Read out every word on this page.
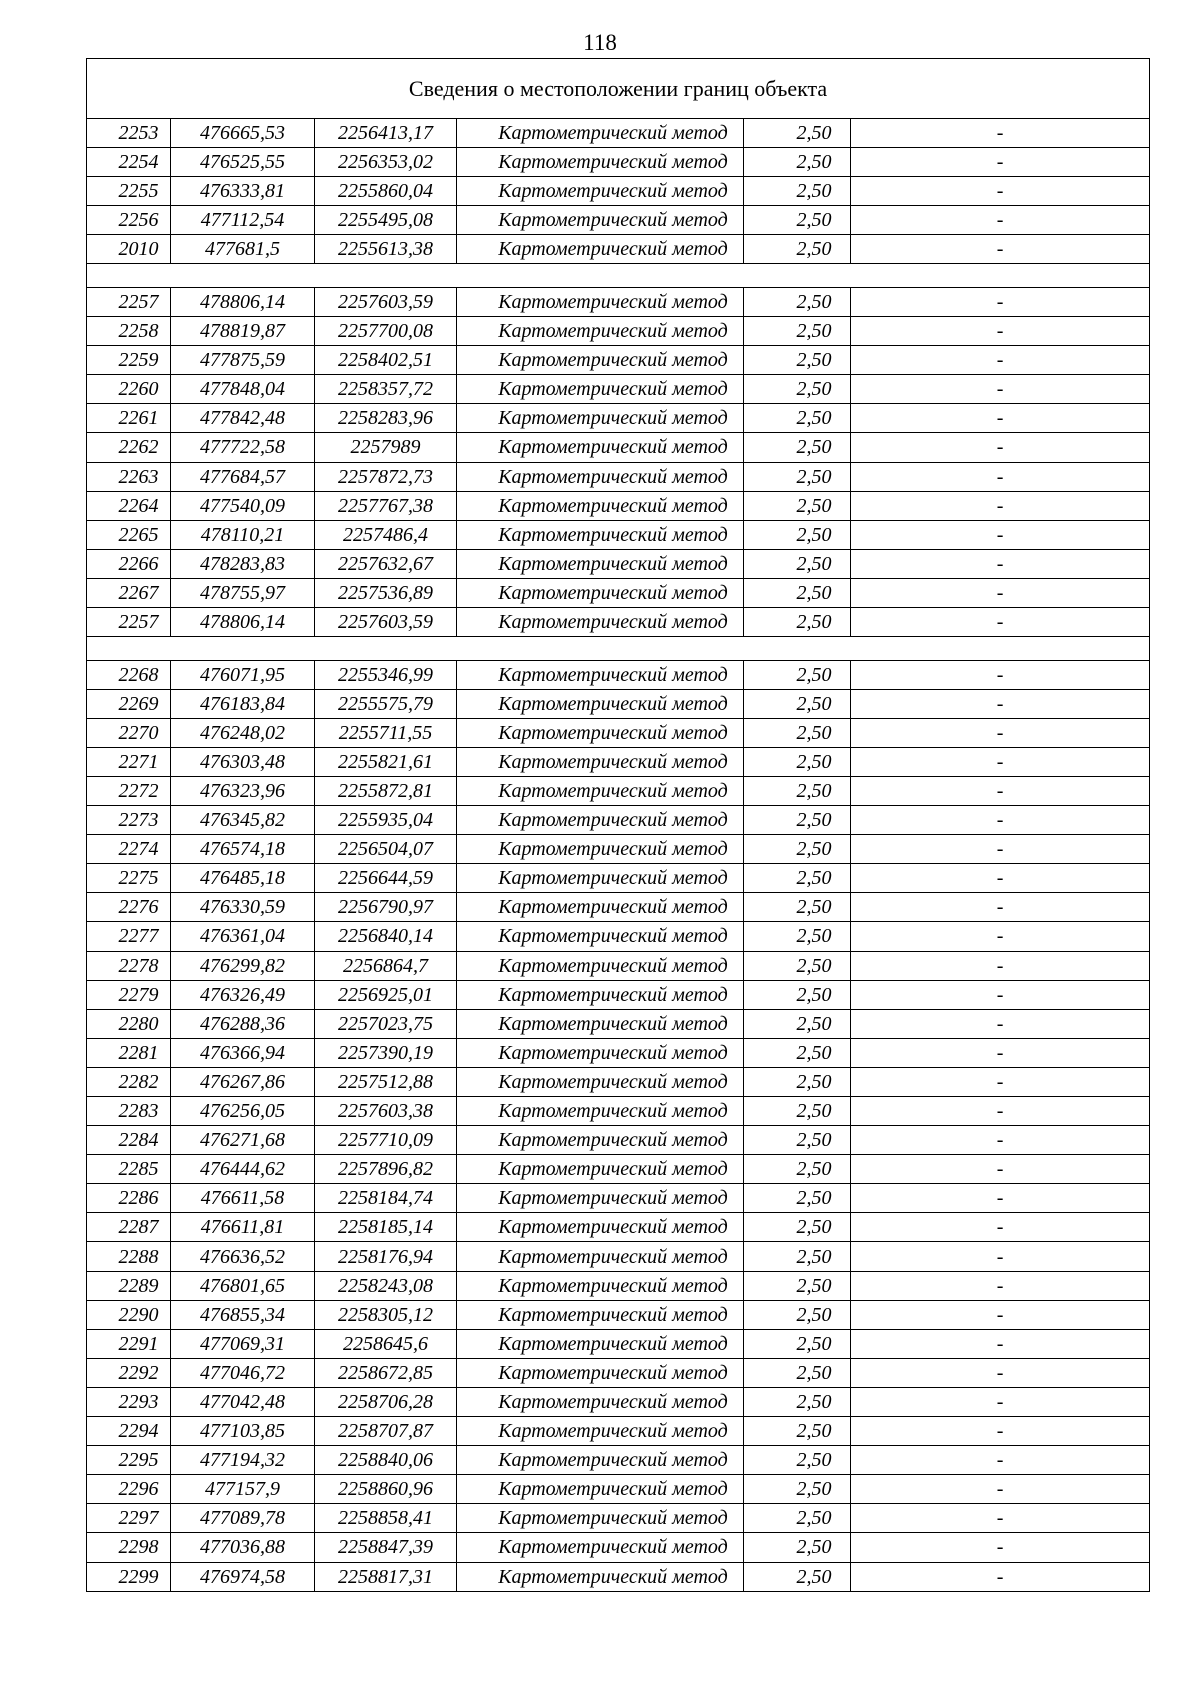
118
Сведения о местоположении границ объекта					
2253	476665,53	2256413,17	Картометрический метод	2,50	-
2254	476525,55	2256353,02	Картометрический метод	2,50	-
2255	476333,81	2255860,04	Картометрический метод	2,50	-
2256	477112,54	2255495,08	Картометрический метод	2,50	-
2010	477681,5	2255613,38	Картометрический метод	2,50	-

2257	478806,14	2257603,59	Картометрический метод	2,50	-
2258	478819,87	2257700,08	Картометрический метод	2,50	-
2259	477875,59	2258402,51	Картометрический метод	2,50	-
2260	477848,04	2258357,72	Картометрический метод	2,50	-
2261	477842,48	2258283,96	Картометрический метод	2,50	-
2262	477722,58	2257989	Картометрический метод	2,50	-
2263	477684,57	2257872,73	Картометрический метод	2,50	-
2264	477540,09	2257767,38	Картометрический метод	2,50	-
2265	478110,21	2257486,4	Картометрический метод	2,50	-
2266	478283,83	2257632,67	Картометрический метод	2,50	-
2267	478755,97	2257536,89	Картометрический метод	2,50	-
2257	478806,14	2257603,59	Картометрический метод	2,50	-

2268	476071,95	2255346,99	Картометрический метод	2,50	-
2269	476183,84	2255575,79	Картометрический метод	2,50	-
2270	476248,02	2255711,55	Картометрический метод	2,50	-
2271	476303,48	2255821,61	Картометрический метод	2,50	-
2272	476323,96	2255872,81	Картометрический метод	2,50	-
2273	476345,82	2255935,04	Картометрический метод	2,50	-
2274	476574,18	2256504,07	Картометрический метод	2,50	-
2275	476485,18	2256644,59	Картометрический метод	2,50	-
2276	476330,59	2256790,97	Картометрический метод	2,50	-
2277	476361,04	2256840,14	Картометрический метод	2,50	-
2278	476299,82	2256864,7	Картометрический метод	2,50	-
2279	476326,49	2256925,01	Картометрический метод	2,50	-
2280	476288,36	2257023,75	Картометрический метод	2,50	-
2281	476366,94	2257390,19	Картометрический метод	2,50	-
2282	476267,86	2257512,88	Картометрический метод	2,50	-
2283	476256,05	2257603,38	Картометрический метод	2,50	-
2284	476271,68	2257710,09	Картометрический метод	2,50	-
2285	476444,62	2257896,82	Картометрический метод	2,50	-
2286	476611,58	2258184,74	Картометрический метод	2,50	-
2287	476611,81	2258185,14	Картометрический метод	2,50	-
2288	476636,52	2258176,94	Картометрический метод	2,50	-
2289	476801,65	2258243,08	Картометрический метод	2,50	-
2290	476855,34	2258305,12	Картометрический метод	2,50	-
2291	477069,31	2258645,6	Картометрический метод	2,50	-
2292	477046,72	2258672,85	Картометрический метод	2,50	-
2293	477042,48	2258706,28	Картометрический метод	2,50	-
2294	477103,85	2258707,87	Картометрический метод	2,50	-
2295	477194,32	2258840,06	Картометрический метод	2,50	-
2296	477157,9	2258860,96	Картометрический метод	2,50	-
2297	477089,78	2258858,41	Картометрический метод	2,50	-
2298	477036,88	2258847,39	Картометрический метод	2,50	-
2299	476974,58	2258817,31	Картометрический метод	2,50	-
